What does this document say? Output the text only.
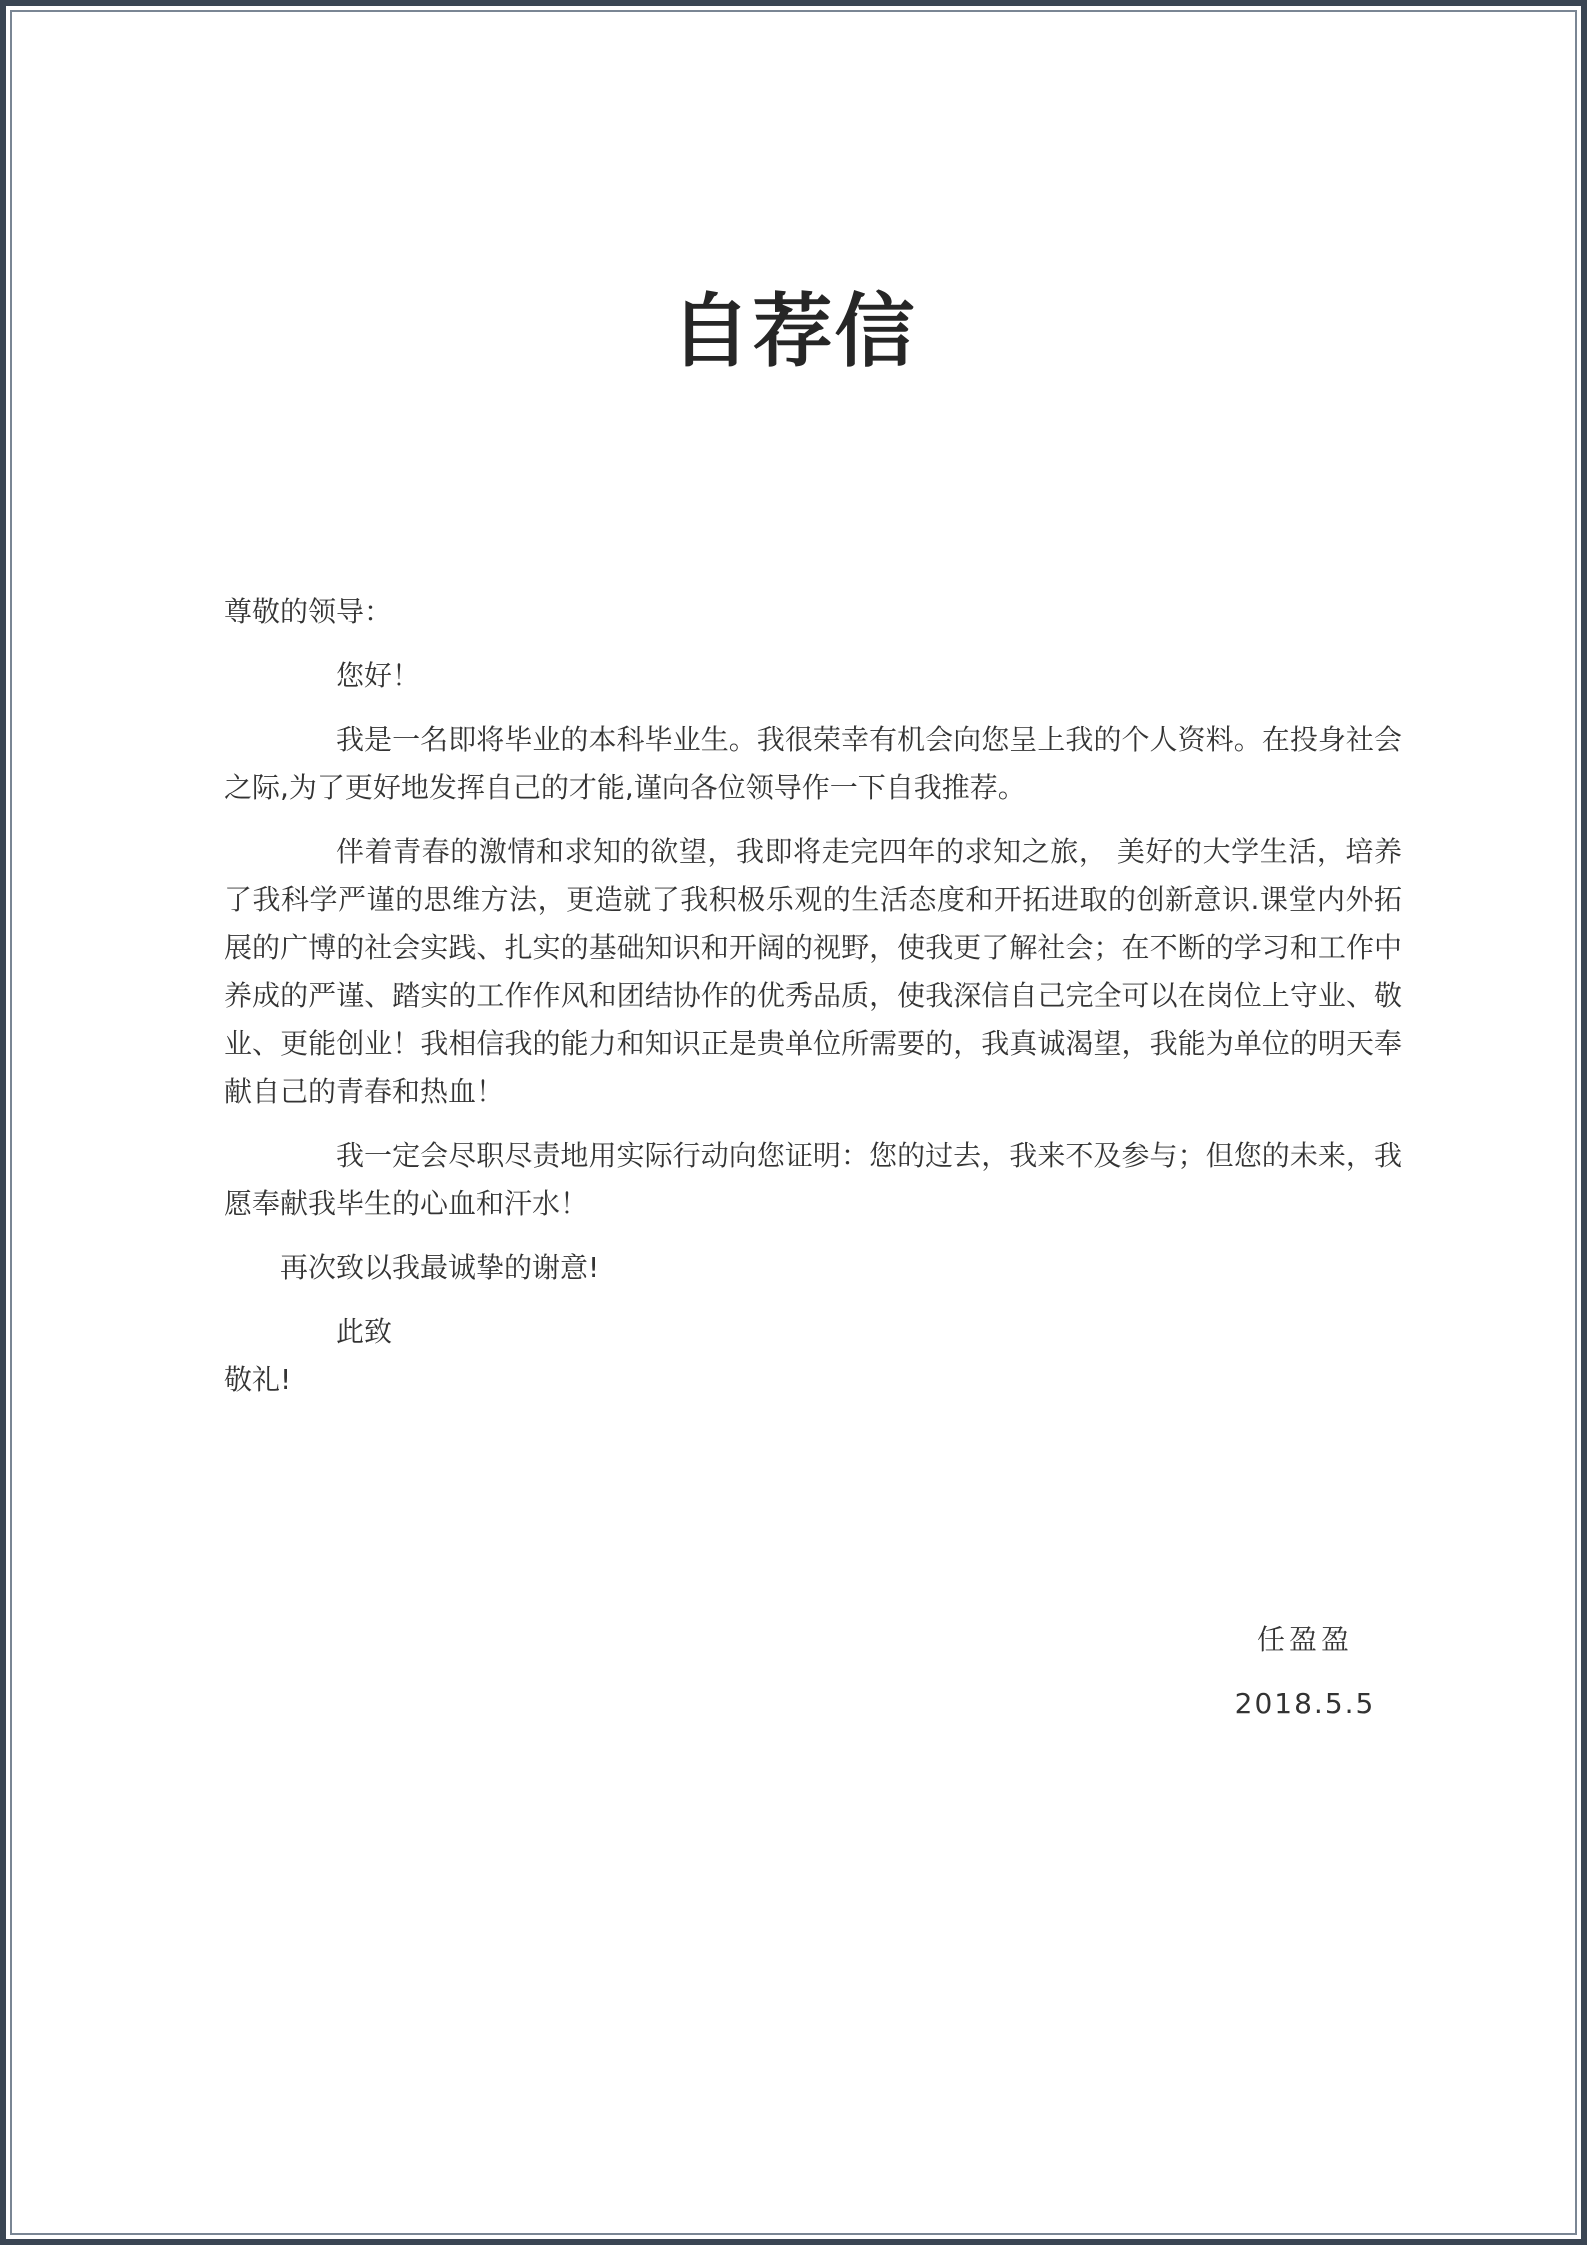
自荐信

尊敬的领导：

您好！

我是一名即将毕业的本科毕业生。我很荣幸有机会向您呈上我的个人资料。在投身社会之际,为了更好地发挥自己的才能,谨向各位领导作一下自我推荐。

伴着青春的激情和求知的欲望，我即将走完四年的求知之旅， 美好的大学生活，培养了我科学严谨的思维方法，更造就了我积极乐观的生活态度和开拓进取的创新意识.课堂内外拓展的广博的社会实践、扎实的基础知识和开阔的视野，使我更了解社会；在不断的学习和工作中养成的严谨、踏实的工作作风和团结协作的优秀品质，使我深信自己完全可以在岗位上守业、敬业、更能创业！我相信我的能力和知识正是贵单位所需要的，我真诚渴望，我能为单位的明天奉献自己的青春和热血！

我一定会尽职尽责地用实际行动向您证明：您的过去，我来不及参与；但您的未来，我愿奉献我毕生的心血和汗水！

再次致以我最诚挚的谢意!

此致

敬礼!

任盈盈
2018.5.5
